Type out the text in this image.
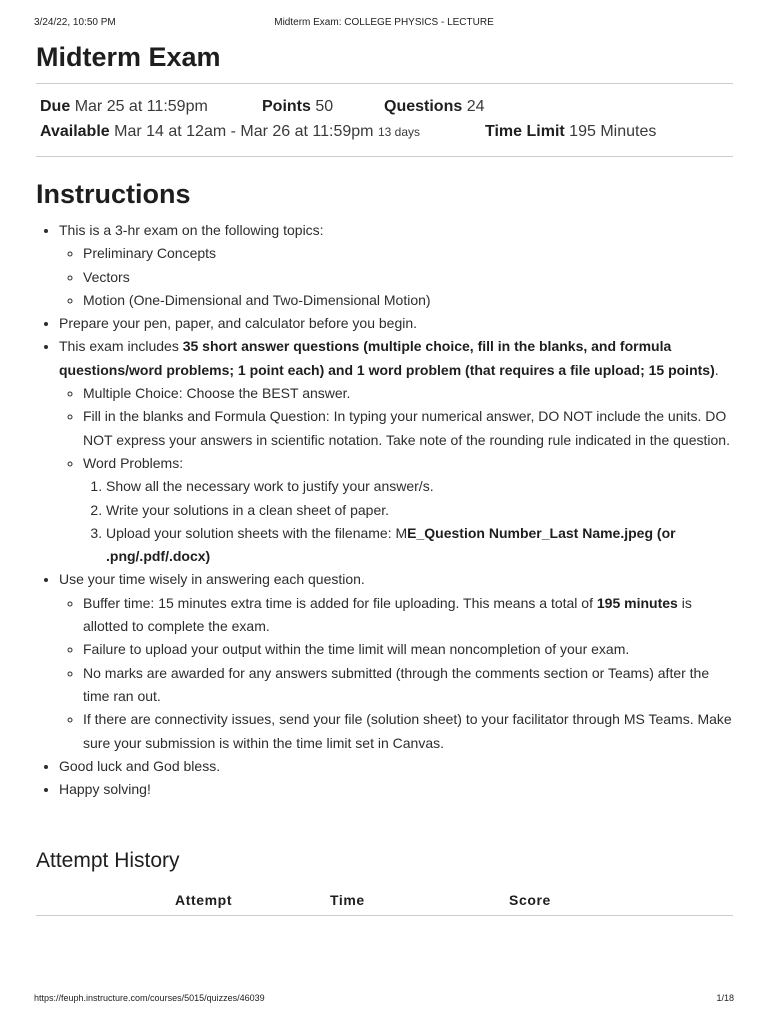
3/24/22, 10:50 PM	Midterm Exam: COLLEGE PHYSICS - LECTURE
Midterm Exam
Due Mar 25 at 11:59pm	Points 50	Questions 24
Available Mar 14 at 12am - Mar 26 at 11:59pm 13 days	Time Limit 195 Minutes
Instructions
• This is a 3-hr exam on the following topics:
◦ Preliminary Concepts
◦ Vectors
◦ Motion (One-Dimensional and Two-Dimensional Motion)
• Prepare your pen, paper, and calculator before you begin.
• This exam includes 35 short answer questions (multiple choice, fill in the blanks, and formula questions/word problems; 1 point each) and 1 word problem (that requires a file upload; 15 points).
◦ Multiple Choice: Choose the BEST answer.
◦ Fill in the blanks and Formula Question: In typing your numerical answer, DO NOT include the units. DO NOT express your answers in scientific notation. Take note of the rounding rule indicated in the question.
◦ Word Problems:
1. Show all the necessary work to justify your answer/s.
2. Write your solutions in a clean sheet of paper.
3. Upload your solution sheets with the filename: ME_Question Number_Last Name.jpeg (or .png/.pdf/.docx)
• Use your time wisely in answering each question.
◦ Buffer time: 15 minutes extra time is added for file uploading. This means a total of 195 minutes is allotted to complete the exam.
◦ Failure to upload your output within the time limit will mean noncompletion of your exam.
◦ No marks are awarded for any answers submitted (through the comments section or Teams) after the time ran out.
◦ If there are connectivity issues, send your file (solution sheet) to your facilitator through MS Teams. Make sure your submission is within the time limit set in Canvas.
• Good luck and God bless.
• Happy solving!
Attempt History
Attempt	Time	Score
https://feuph.instructure.com/courses/5015/quizzes/46039	1/18
